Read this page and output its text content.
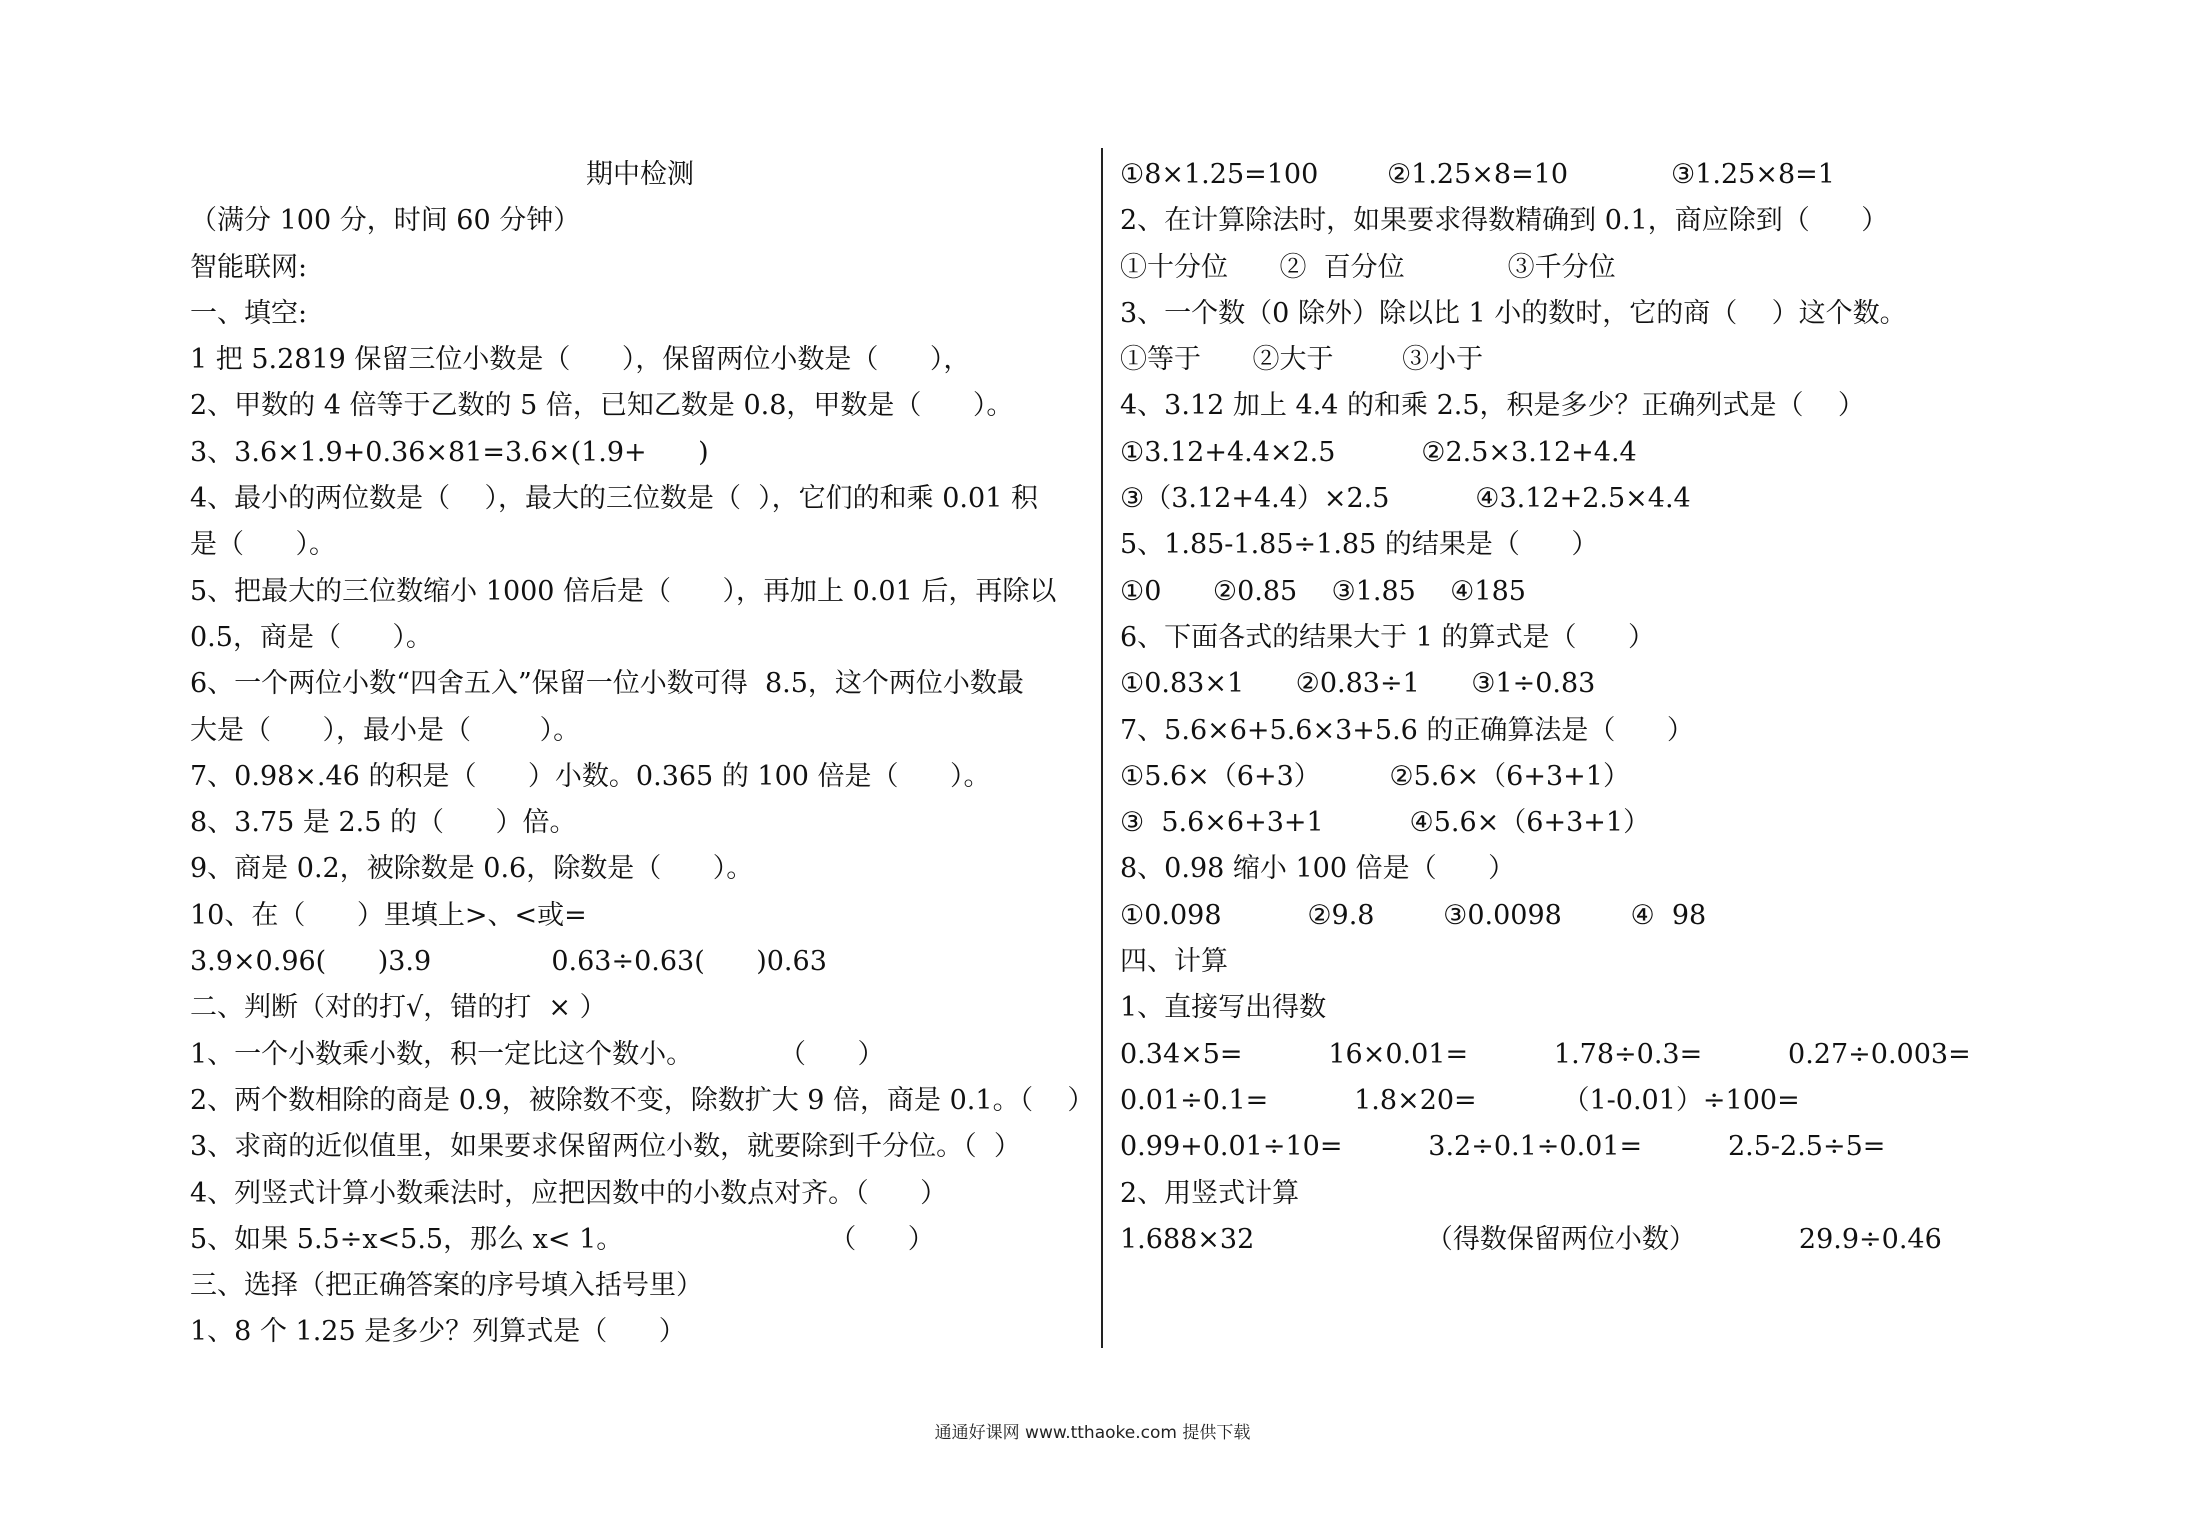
期中检测
（满分 100 分，时间 60 分钟）
智能联网:
一、填空:
1 把 5.2819 保留三位小数是（      ），保留两位小数是（      ），
2、甲数的 4 倍等于乙数的 5 倍，已知乙数是 0.8，甲数是（      ）。
3、3.6×1.9+0.36×81=3.6×(1.9+      )
4、最小的两位数是（    ），最大的三位数是（  ），它们的和乘 0.01 积
是（      ）。
5、把最大的三位数缩小 1000 倍后是（      ），再加上 0.01 后，再除以
0.5，商是（      ）。
6、一个两位小数“四舍五入”保留一位小数可得  8.5，这个两位小数最
大是（      ），最小是（        ）。
7、0.98×.46 的积是（      ）小数。0.365 的 100 倍是（      ）。
8、3.75 是 2.5 的（      ）倍。
9、商是 0.2，被除数是 0.6，除数是（      ）。
10、在（      ）里填上>、<或=
3.9×0.96(      )3.9              0.63÷0.63(      )0.63
二、判断（对的打√，错的打  × ）
1、一个小数乘小数，积一定比这个数小。          （      ）
2、两个数相除的商是 0.9，被除数不变，除数扩大 9 倍，商是 0.1。（    ）
3、求商的近似值里，如果要求保留两位小数，就要除到千分位。（  ）
4、列竖式计算小数乘法时，应把因数中的小数点对齐。（      ）
5、如果 5.5÷x<5.5，那么 x< 1。                        （      ）
三、选择（把正确答案的序号填入括号里）
1、8 个 1.25 是多少？列算式是（      ）
①8×1.25=100        ②1.25×8=10            ③1.25×8=1
2、在计算除法时，如果要求得数精确到 0.1，商应除到（      ）
①十分位      ②  百分位            ③千分位
3、一个数（0 除外）除以比 1 小的数时，它的商（    ）这个数。
①等于      ②大于        ③小于
4、3.12 加上 4.4 的和乘 2.5，积是多少？正确列式是（    ）
①3.12+4.4×2.5          ②2.5×3.12+4.4
③（3.12+4.4）×2.5          ④3.12+2.5×4.4
5、1.85-1.85÷1.85 的结果是（      ）
①0      ②0.85    ③1.85    ④185
6、下面各式的结果大于 1 的算式是（      ）
①0.83×1      ②0.83÷1      ③1÷0.83
7、5.6×6+5.6×3+5.6 的正确算法是（      ）
①5.6×（6+3）        ②5.6×（6+3+1）
③  5.6×6+3+1          ④5.6×（6+3+1）
8、0.98 缩小 100 倍是（      ）
①0.098          ②9.8        ③0.0098        ④  98
四、计算
1、直接写出得数
0.34×5=          16×0.01=          1.78÷0.3=          0.27÷0.003=
0.01÷0.1=          1.8×20=          （1-0.01）÷100=
0.99+0.01÷10=          3.2÷0.1÷0.01=          2.5-2.5÷5=
2、用竖式计算
1.688×32                    （得数保留两位小数）            29.9÷0.46
通通好课网 www.tthaoke.com 提供下载
